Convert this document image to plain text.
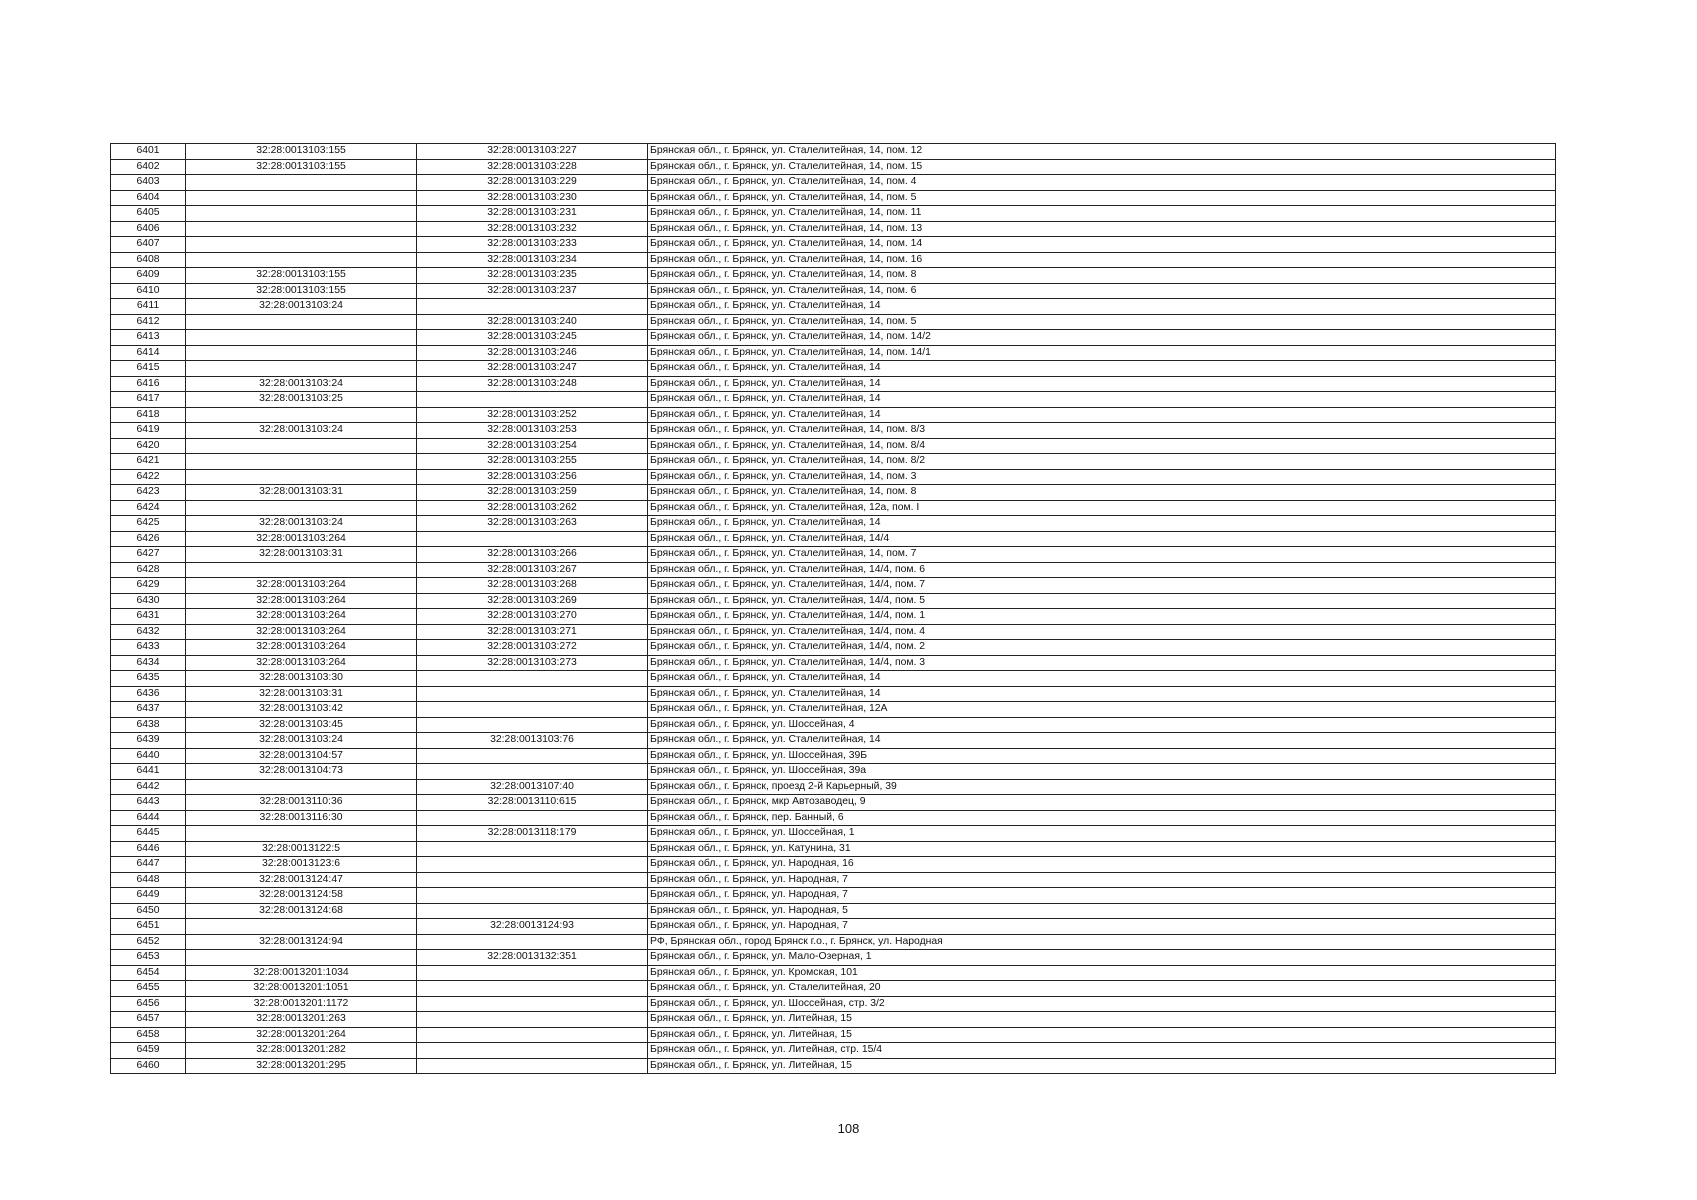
6401	32:28:0013103:155	32:28:0013103:227	Брянская обл., г. Брянск, ул. Сталелитейная, 14, пом. 12
6402	32:28:0013103:155	32:28:0013103:228	Брянская обл., г. Брянск, ул. Сталелитейная, 14, пом. 15
6403		32:28:0013103:229	Брянская обл., г. Брянск, ул. Сталелитейная, 14, пом. 4
6404		32:28:0013103:230	Брянская обл., г. Брянск, ул. Сталелитейная, 14, пом. 5
6405		32:28:0013103:231	Брянская обл., г. Брянск, ул. Сталелитейная, 14, пом. 11
6406		32:28:0013103:232	Брянская обл., г. Брянск, ул. Сталелитейная, 14, пом. 13
6407		32:28:0013103:233	Брянская обл., г. Брянск, ул. Сталелитейная, 14, пом. 14
6408		32:28:0013103:234	Брянская обл., г. Брянск, ул. Сталелитейная, 14, пом. 16
6409	32:28:0013103:155	32:28:0013103:235	Брянская обл., г. Брянск, ул. Сталелитейная, 14, пом. 8
6410	32:28:0013103:155	32:28:0013103:237	Брянская обл., г. Брянск, ул. Сталелитейная, 14, пом. 6
6411	32:28:0013103:24		Брянская обл., г. Брянск, ул. Сталелитейная, 14
6412		32:28:0013103:240	Брянская обл., г. Брянск, ул. Сталелитейная, 14, пом. 5
6413		32:28:0013103:245	Брянская обл., г. Брянск, ул. Сталелитейная, 14, пом. 14/2
6414		32:28:0013103:246	Брянская обл., г. Брянск, ул. Сталелитейная, 14, пом. 14/1
6415		32:28:0013103:247	Брянская обл., г. Брянск, ул. Сталелитейная, 14
6416	32:28:0013103:24	32:28:0013103:248	Брянская обл., г. Брянск, ул. Сталелитейная, 14
6417	32:28:0013103:25		Брянская обл., г. Брянск, ул. Сталелитейная, 14
6418		32:28:0013103:252	Брянская обл., г. Брянск, ул. Сталелитейная, 14
6419	32:28:0013103:24	32:28:0013103:253	Брянская обл., г. Брянск, ул. Сталелитейная, 14, пом. 8/3
6420		32:28:0013103:254	Брянская обл., г. Брянск, ул. Сталелитейная, 14, пом. 8/4
6421		32:28:0013103:255	Брянская обл., г. Брянск, ул. Сталелитейная, 14, пом. 8/2
6422		32:28:0013103:256	Брянская обл., г. Брянск, ул. Сталелитейная, 14, пом. 3
6423	32:28:0013103:31	32:28:0013103:259	Брянская обл., г. Брянск, ул. Сталелитейная, 14, пом. 8
6424		32:28:0013103:262	Брянская обл., г. Брянск, ул. Сталелитейная, 12а, пом. I
6425	32:28:0013103:24	32:28:0013103:263	Брянская обл., г. Брянск, ул. Сталелитейная, 14
6426	32:28:0013103:264		Брянская обл., г. Брянск, ул. Сталелитейная, 14/4
6427	32:28:0013103:31	32:28:0013103:266	Брянская обл., г. Брянск, ул. Сталелитейная, 14, пом. 7
6428		32:28:0013103:267	Брянская обл., г. Брянск, ул. Сталелитейная, 14/4, пом. 6
6429	32:28:0013103:264	32:28:0013103:268	Брянская обл., г. Брянск, ул. Сталелитейная, 14/4, пом. 7
6430	32:28:0013103:264	32:28:0013103:269	Брянская обл., г. Брянск, ул. Сталелитейная, 14/4, пом. 5
6431	32:28:0013103:264	32:28:0013103:270	Брянская обл., г. Брянск, ул. Сталелитейная, 14/4, пом. 1
6432	32:28:0013103:264	32:28:0013103:271	Брянская обл., г. Брянск, ул. Сталелитейная, 14/4, пом. 4
6433	32:28:0013103:264	32:28:0013103:272	Брянская обл., г. Брянск, ул. Сталелитейная, 14/4, пом. 2
6434	32:28:0013103:264	32:28:0013103:273	Брянская обл., г. Брянск, ул. Сталелитейная, 14/4, пом. 3
6435	32:28:0013103:30		Брянская обл., г. Брянск, ул. Сталелитейная, 14
6436	32:28:0013103:31		Брянская обл., г. Брянск, ул. Сталелитейная, 14
6437	32:28:0013103:42		Брянская обл., г. Брянск, ул. Сталелитейная, 12А
6438	32:28:0013103:45		Брянская обл., г. Брянск, ул. Шоссейная, 4
6439	32:28:0013103:24	32:28:0013103:76	Брянская обл., г. Брянск, ул. Сталелитейная, 14
6440	32:28:0013104:57		Брянская обл., г. Брянск, ул. Шоссейная, 39Б
6441	32:28:0013104:73		Брянская обл., г. Брянск, ул. Шоссейная, 39а
6442		32:28:0013107:40	Брянская обл., г. Брянск, проезд 2-й Карьерный, 39
6443	32:28:0013110:36	32:28:0013110:615	Брянская обл., г. Брянск, мкр Автозаводец, 9
6444	32:28:0013116:30		Брянская обл., г. Брянск, пер. Банный, 6
6445		32:28:0013118:179	Брянская обл., г. Брянск, ул. Шоссейная, 1
6446	32:28:0013122:5		Брянская обл., г. Брянск, ул. Катунина, 31
6447	32:28:0013123:6		Брянская обл., г. Брянск, ул. Народная, 16
6448	32:28:0013124:47		Брянская обл., г. Брянск, ул. Народная, 7
6449	32:28:0013124:58		Брянская обл., г. Брянск, ул. Народная, 7
6450	32:28:0013124:68		Брянская обл., г. Брянск, ул. Народная, 5
6451		32:28:0013124:93	Брянская обл., г. Брянск, ул. Народная, 7
6452	32:28:0013124:94		РФ, Брянская обл., город Брянск г.о., г. Брянск, ул. Народная
6453		32:28:0013132:351	Брянская обл., г. Брянск, ул. Мало-Озерная, 1
6454	32:28:0013201:1034		Брянская обл., г. Брянск, ул. Кромская, 101
6455	32:28:0013201:1051		Брянская обл., г. Брянск, ул. Сталелитейная, 20
6456	32:28:0013201:1172		Брянская обл., г. Брянск, ул. Шоссейная, стр. 3/2
6457	32:28:0013201:263		Брянская обл., г. Брянск, ул. Литейная, 15
6458	32:28:0013201:264		Брянская обл., г. Брянск, ул. Литейная, 15
6459	32:28:0013201:282		Брянская обл., г. Брянск, ул. Литейная, стр. 15/4
6460	32:28:0013201:295		Брянская обл., г. Брянск, ул. Литейная, 15
108
